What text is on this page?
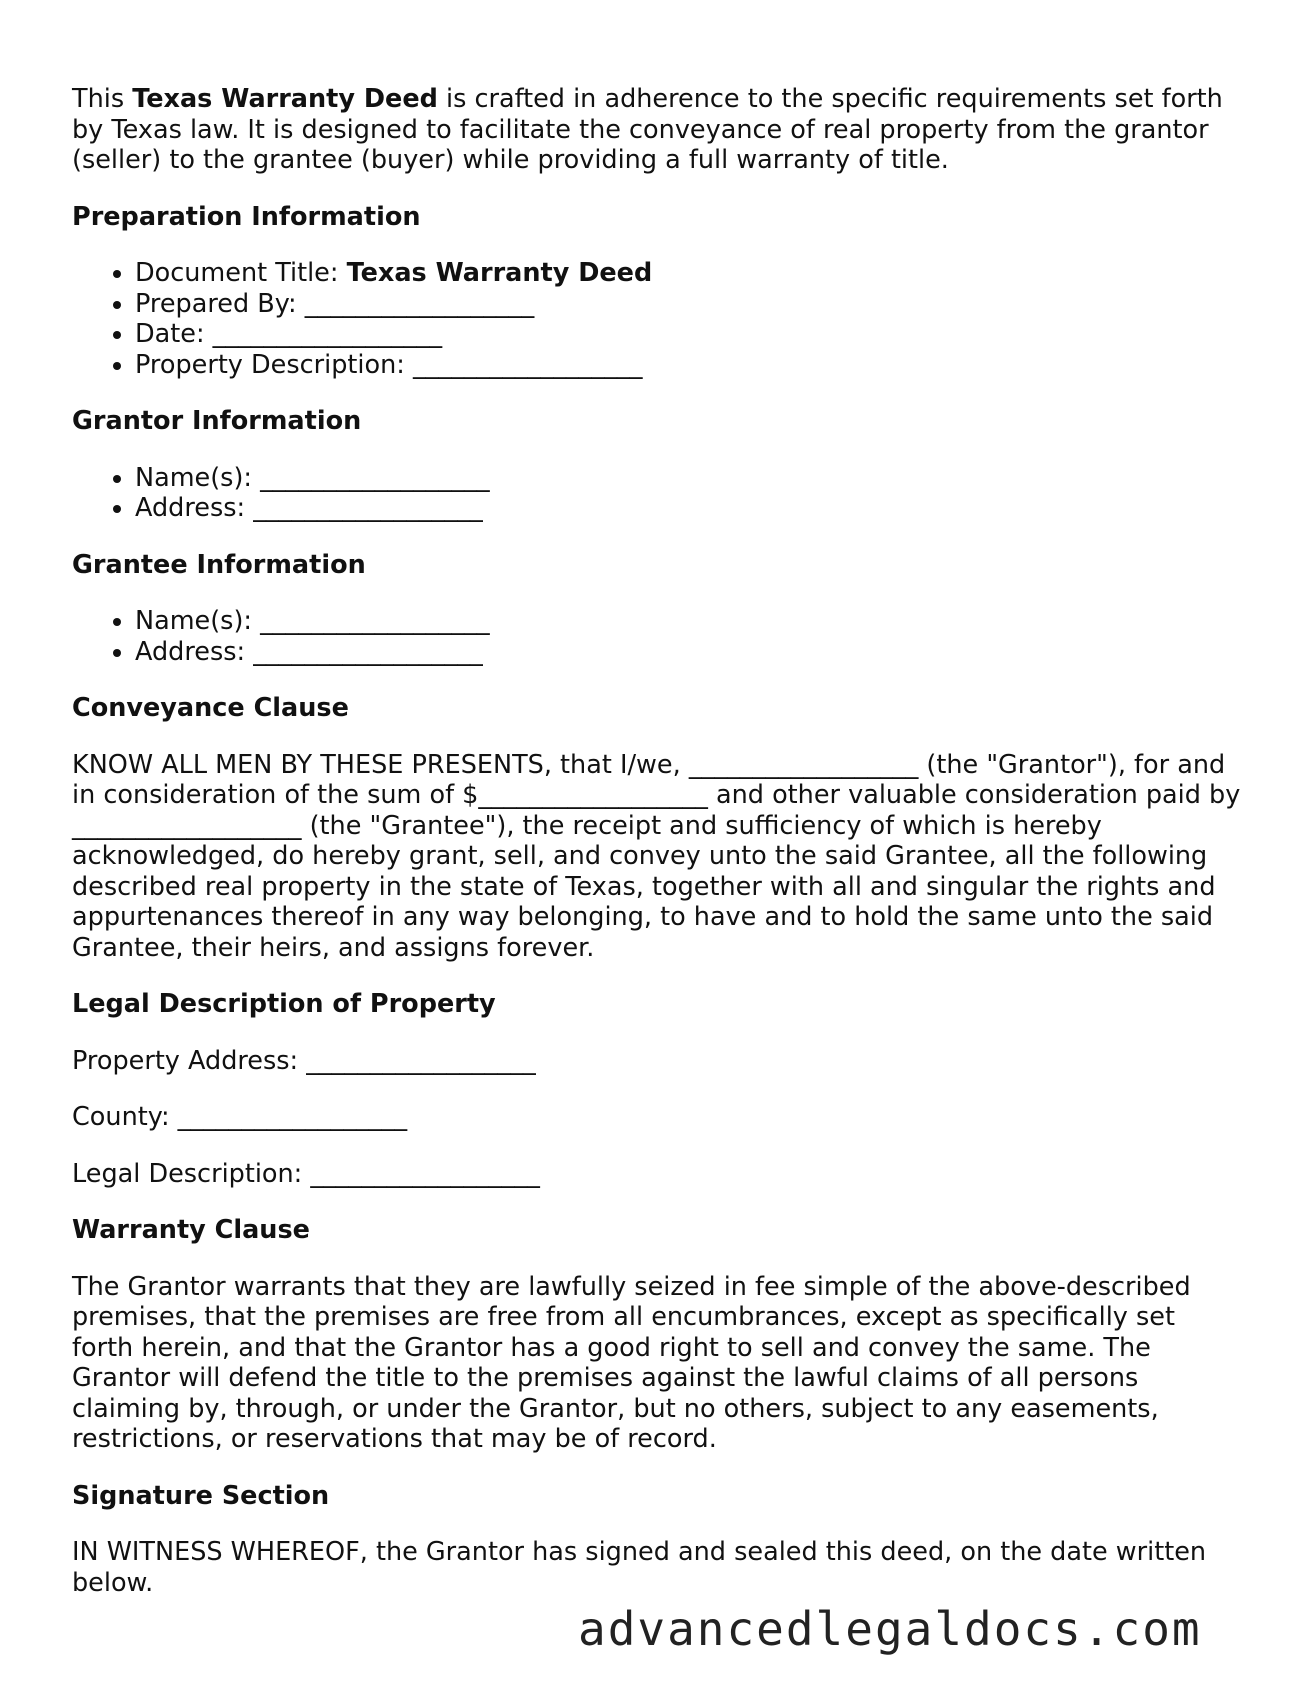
This Texas Warranty Deed is crafted in adherence to the specific requirements set forth by Texas law. It is designed to facilitate the conveyance of real property from the grantor (seller) to the grantee (buyer) while providing a full warranty of title.

Preparation Information
• Document Title: Texas Warranty Deed
• Prepared By: __________________
• Date: __________________
• Property Description: __________________
Grantor Information
• Name(s): __________________
• Address: __________________
Grantee Information
• Name(s): __________________
• Address: __________________
Conveyance Clause

KNOW ALL MEN BY THESE PRESENTS, that I/we, __________________ (the "Grantor"), for and in consideration of the sum of $__________________ and other valuable consideration paid by __________________ (the "Grantee"), the receipt and sufficiency of which is hereby acknowledged, do hereby grant, sell, and convey unto the said Grantee, all the following described real property in the state of Texas, together with all and singular the rights and appurtenances thereof in any way belonging, to have and to hold the same unto the said Grantee, their heirs, and assigns forever.

Legal Description of Property

Property Address: __________________

County: __________________

Legal Description: __________________

Warranty Clause

The Grantor warrants that they are lawfully seized in fee simple of the above-described premises, that the premises are free from all encumbrances, except as specifically set forth herein, and that the Grantor has a good right to sell and convey the same. The Grantor will defend the title to the premises against the lawful claims of all persons claiming by, through, or under the Grantor, but no others, subject to any easements, restrictions, or reservations that may be of record.

Signature Section

IN WITNESS WHEREOF, the Grantor has signed and sealed this deed, on the date written below.

advancedlegaldocs.com
